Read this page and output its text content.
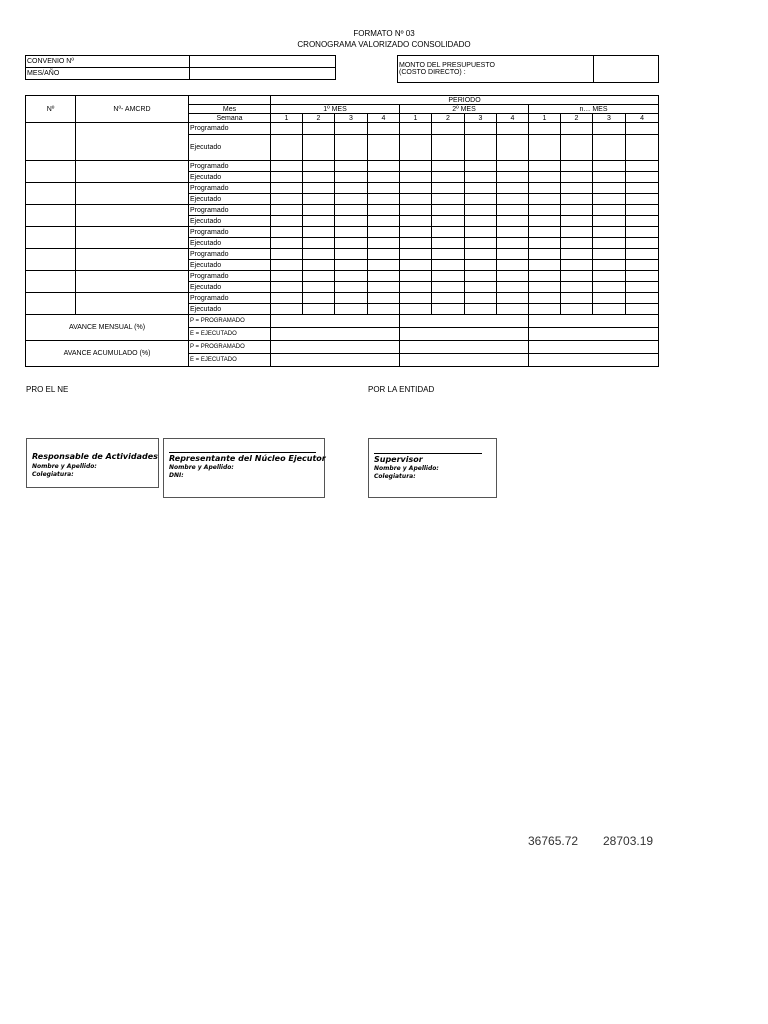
FORMATO Nº 03
CRONOGRAMA VALORIZADO CONSOLIDADO
CONVENIO Nº	
MES/AÑO	
MONTO DEL PRESUPUESTO
(COSTO DIRECTO) :

Nº	Nº- AMCRD		PERIODO											
		Mes	1º MES				2º MES				n… MES			
		Semana	1	2	3	4	1	2	3	4	1	2	3	4
		Programado												
		Ejecutado												
		Programado												
		Ejecutado												
		Programado												
		Ejecutado												
		Programado												
		Ejecutado												
		Programado												
		Ejecutado												
		Programado												
		Ejecutado												
		Programado												
		Ejecutado												
		Programado												
		Ejecutado												
AVANCE MENSUAL (%)		P = PROGRAMADO												
		E = EJECUTADO												
AVANCE ACUMULADO (%)		P = PROGRAMADO												
		E = EJECUTADO												
PRO EL NE	POR LA ENTIDAD
Responsable de Actividades
Nombre y Apellido:
Colegiatura:
Representante del Núcleo Ejecutor
Nombre y Apellido:
DNI:
Supervisor
Nombre y Apellido:
Colegiatura:
36765.72 28703.19
